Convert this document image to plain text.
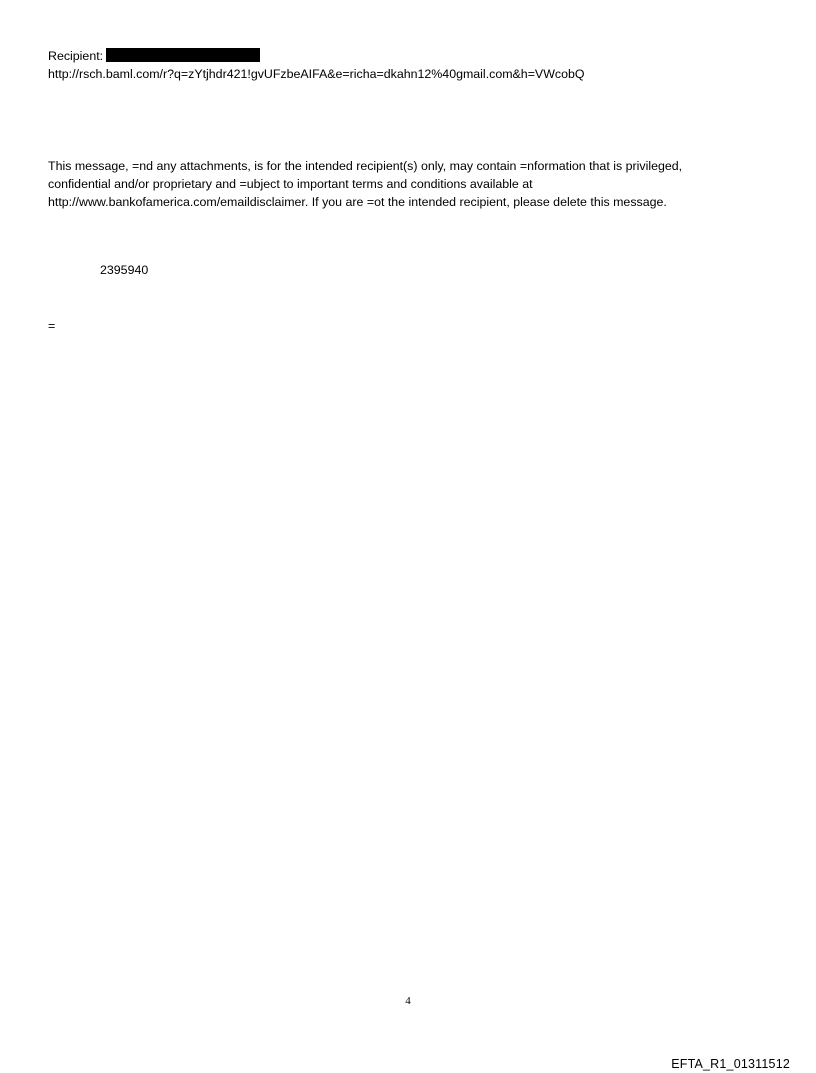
Recipient:
http://rsch.baml.com/r?q=zYtjhdr421!gvUFzbeAIFA&e=richa=dkahn12%40gmail.com&h=VWcobQ
This message, =nd any attachments, is for the intended recipient(s) only, may contain =nformation that is privileged,
confidential and/or proprietary and =ubject to important terms and conditions available at
http://www.bankofamerica.com/emaildisclaimer. If you are =ot the intended recipient, please delete this message.
2395940
=
4
EFTA_R1_01311512
